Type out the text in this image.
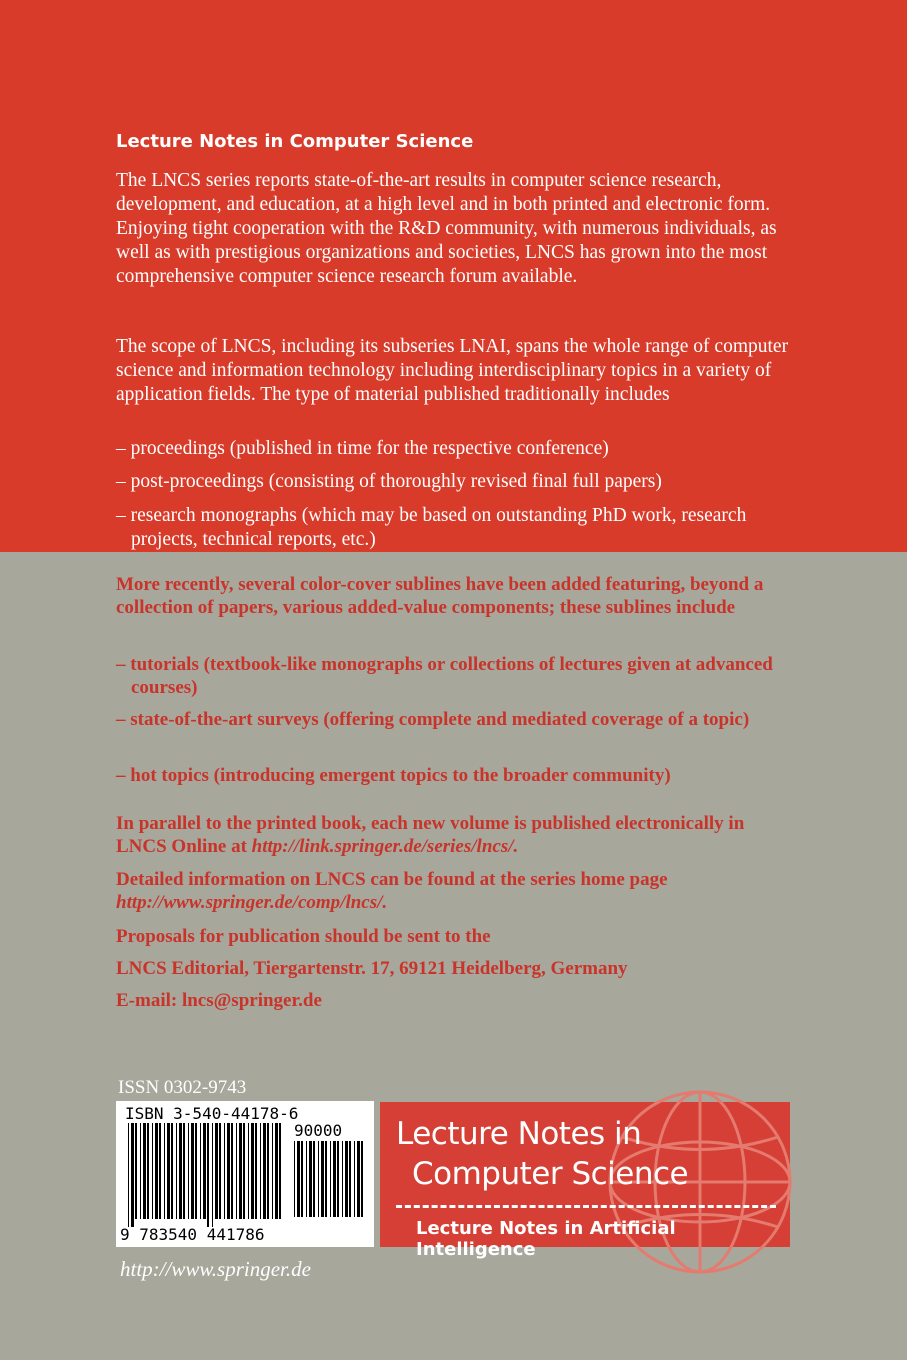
Lecture Notes in Computer Science
The LNCS series reports state-of-the-art results in computer science research, development, and education, at a high level and in both printed and electronic form. Enjoying tight cooperation with the R&D community, with numerous individuals, as well as with prestigious organizations and societies, LNCS has grown into the most comprehensive computer science research forum available.
The scope of LNCS, including its subseries LNAI, spans the whole range of computer science and information technology including interdisciplinary topics in a variety of application fields. The type of material published traditionally includes
– proceedings (published in time for the respective conference)
– post-proceedings (consisting of thoroughly revised final full papers)
– research monographs (which may be based on outstanding PhD work, research projects, technical reports, etc.)
More recently, several color-cover sublines have been added featuring, beyond a collection of papers, various added-value components; these sublines include
– tutorials (textbook-like monographs or collections of lectures given at advanced courses)
– state-of-the-art surveys (offering complete and mediated coverage of a topic)
– hot topics (introducing emergent topics to the broader community)
In parallel to the printed book, each new volume is published electronically in LNCS Online at http://link.springer.de/series/lncs/.
Detailed information on LNCS can be found at the series home page http://www.springer.de/comp/lncs/.
Proposals for publication should be sent to the
LNCS Editorial, Tiergartenstr. 17, 69121 Heidelberg, Germany
E-mail: lncs@springer.de
ISSN 0302-9743
ISBN 3-540-44178-6
90000
9 783540 441786
Lecture Notes in
Computer Science
Lecture Notes in Artificial Intelligence
http://www.springer.de
